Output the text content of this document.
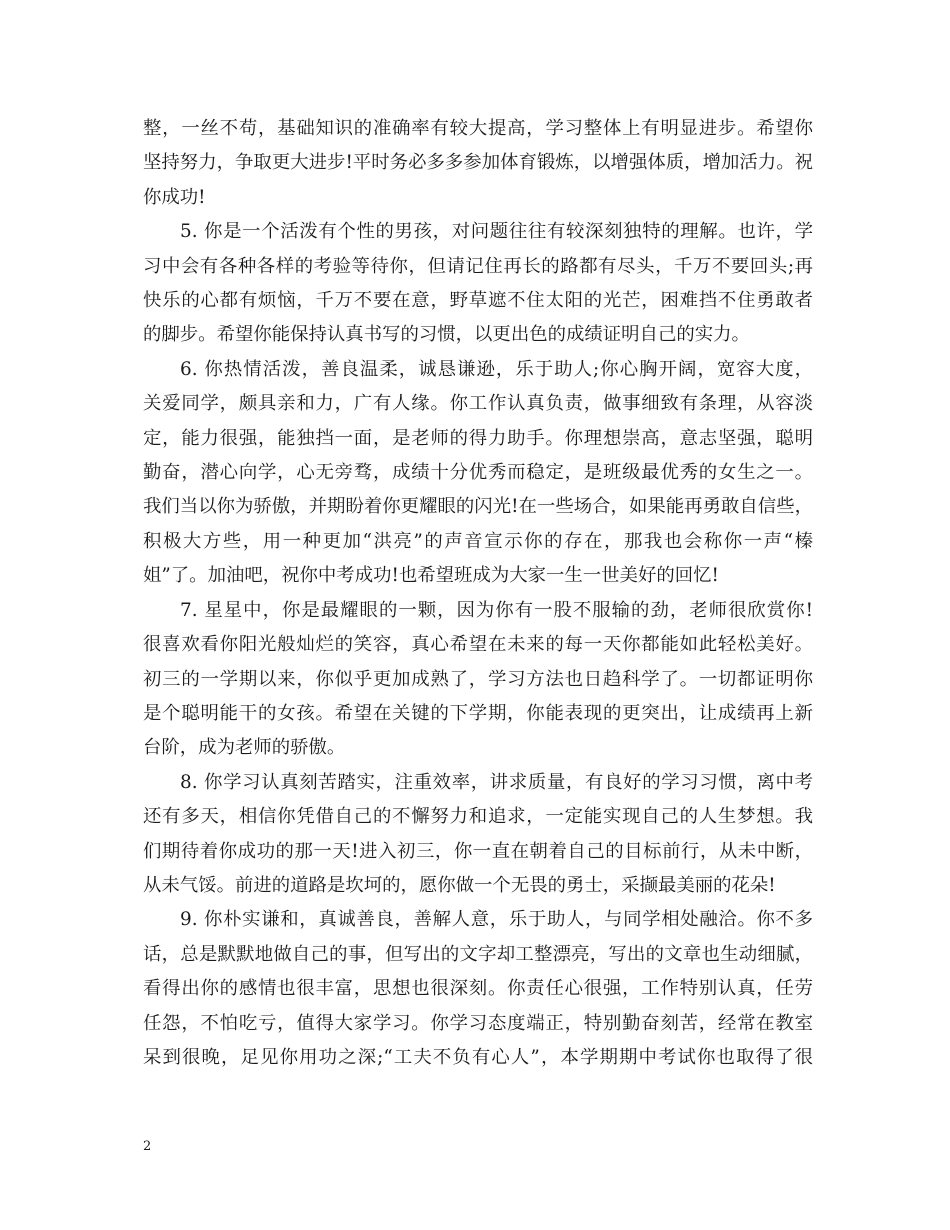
整，一丝不苟，基础知识的准确率有较大提高，学习整体上有明显进步。希望你
坚持努力，争取更大进步!平时务必多多参加体育锻炼，以增强体质，增加活力。祝
你成功!
5. 你是一个活泼有个性的男孩，对问题往往有较深刻独特的理解。也许，学
习中会有各种各样的考验等待你，但请记住再长的路都有尽头，千万不要回头;再
快乐的心都有烦恼，千万不要在意，野草遮不住太阳的光芒，困难挡不住勇敢者
的脚步。希望你能保持认真书写的习惯，以更出色的成绩证明自己的实力。
6. 你热情活泼，善良温柔，诚恳谦逊，乐于助人;你心胸开阔，宽容大度，
关爱同学，颇具亲和力，广有人缘。你工作认真负责，做事细致有条理，从容淡
定，能力很强，能独挡一面，是老师的得力助手。你理想崇高，意志坚强，聪明
勤奋，潜心向学，心无旁骛，成绩十分优秀而稳定，是班级最优秀的女生之一。
我们当以你为骄傲，并期盼着你更耀眼的闪光!在一些场合，如果能再勇敢自信些，
积极大方些，用一种更加“洪亮”的声音宣示你的存在，那我也会称你一声“榛
姐”了。加油吧，祝你中考成功!也希望班成为大家一生一世美好的回忆!
7. 星星中，你是最耀眼的一颗，因为你有一股不服输的劲，老师很欣赏你!
很喜欢看你阳光般灿烂的笑容，真心希望在未来的每一天你都能如此轻松美好。
初三的一学期以来，你似乎更加成熟了，学习方法也日趋科学了。一切都证明你
是个聪明能干的女孩。希望在关键的下学期，你能表现的更突出，让成绩再上新
台阶，成为老师的骄傲。
8. 你学习认真刻苦踏实，注重效率，讲求质量，有良好的学习习惯，离中考
还有多天，相信你凭借自己的不懈努力和追求，一定能实现自己的人生梦想。我
们期待着你成功的那一天!进入初三，你一直在朝着自己的目标前行，从未中断，
从未气馁。前进的道路是坎坷的，愿你做一个无畏的勇士，采撷最美丽的花朵!
9. 你朴实谦和，真诚善良，善解人意，乐于助人，与同学相处融洽。你不多
话，总是默默地做自己的事，但写出的文字却工整漂亮，写出的文章也生动细腻，
看得出你的感情也很丰富，思想也很深刻。你责任心很强，工作特别认真，任劳
任怨，不怕吃亏，值得大家学习。你学习态度端正，特别勤奋刻苦，经常在教室
呆到很晚，足见你用功之深;“工夫不负有心人”，本学期期中考试你也取得了很
2
